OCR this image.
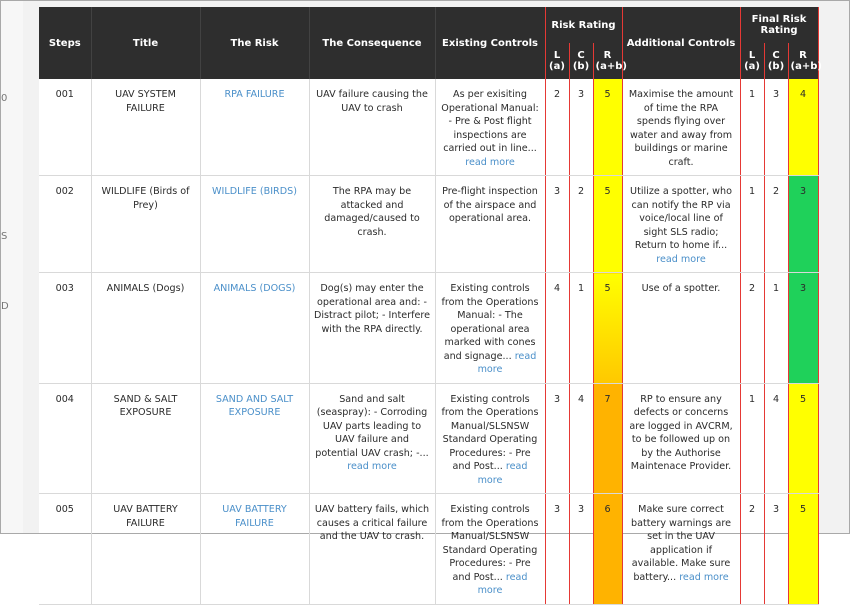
0
S
D
Steps	Title	The Risk	The Consequence	Existing Controls	Risk Rating			Additional Controls	Final Risk Rating		
					L (a)	C (b)	R (a+b)		L (a)	C (b)	R (a+b)
001	UAV SYSTEM FAILURE	RPA FAILURE	UAV failure causing the UAV to crash	As per exisiting Operational Manual: - Pre & Post flight inspections are carried out in line... read more	2	3	5	Maximise the amount of time the RPA spends flying over water and away from buildings or marine craft.	1	3	4
002	WILDLIFE (Birds of Prey)	WILDLIFE (BIRDS)	The RPA may be attacked and damaged/caused to crash.	Pre-flight inspection of the airspace and operational area.	3	2	5	Utilize a spotter, who can notify the RP via voice/local line of sight SLS radio; Return to home if... read more	1	2	3
003	ANIMALS (Dogs)	ANIMALS (DOGS)	Dog(s) may enter the operational area and: - Distract pilot; - Interfere with the RPA directly.	Existing controls from the Operations Manual: - The operational area marked with cones and signage... read more	4	1	5	Use of a spotter.	2	1	3
004	SAND & SALT EXPOSURE	SAND AND SALT EXPOSURE	Sand and salt (seaspray): - Corroding UAV parts leading to UAV failure and potential UAV crash; -... read more	Existing controls from the Operations Manual/SLSNSW Standard Operating Procedures: - Pre and Post... read more	3	4	7	RP to ensure any defects or concerns are logged in AVCRM, to be followed up on by the Authorise Maintenace Provider.	1	4	5
005	UAV BATTERY FAILURE	UAV BATTERY FAILURE	UAV battery fails, which causes a critical failure and the UAV to crash.	Existing controls from the Operations Manual/SLSNSW Standard Operating Procedures: - Pre and Post... read more	3	3	6	Make sure correct battery warnings are set in the UAV application if available. Make sure battery... read more	2	3	5
